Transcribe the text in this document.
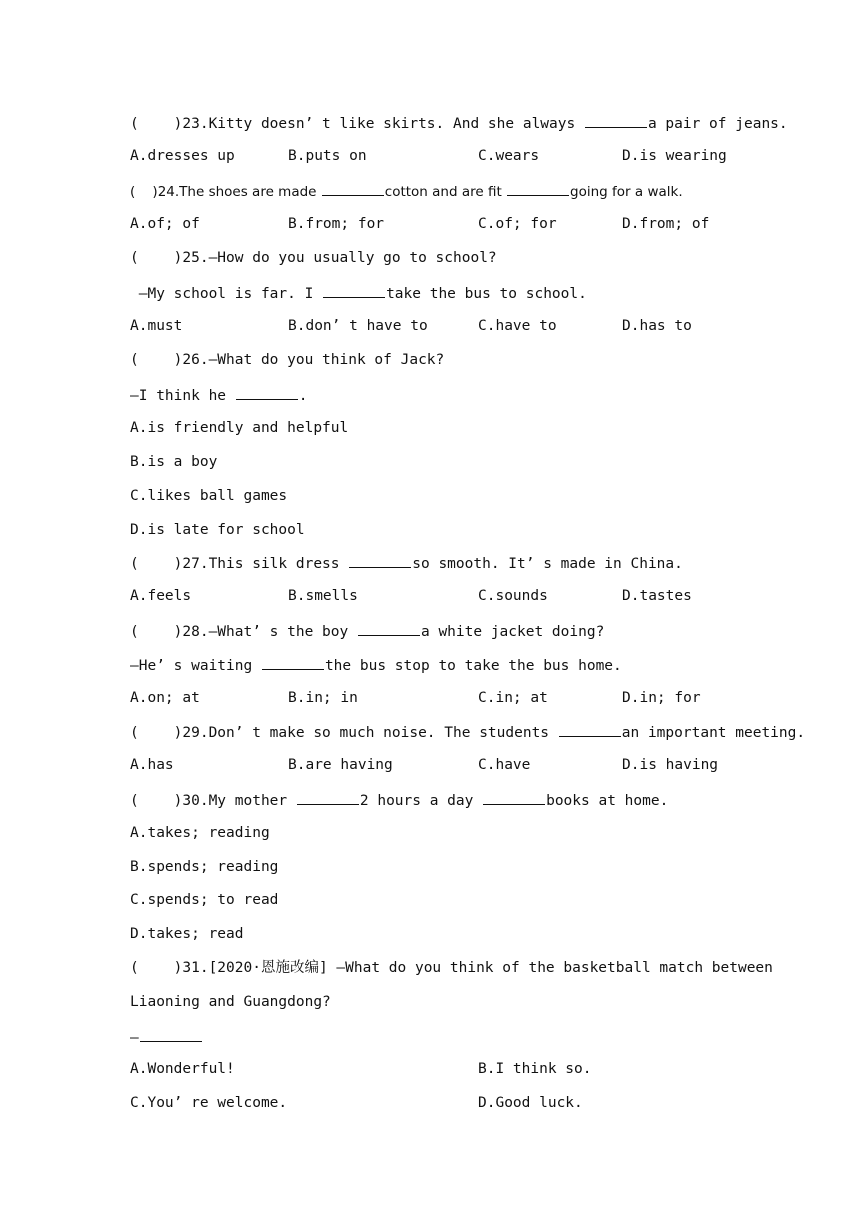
(    )23.Kitty doesn’ t like skirts. And she always	a pair of jeans.
A.dresses up	B.puts on	C.wears	D.is wearing
(    )24.The shoes are made	cotton and are fit	going for a walk.
A.of; of	B.from; for	C.of; for	D.from; of
(    )25.—How do you usually go to school?
—My school is far. I	take the bus to school.
A.must	B.don’ t have to	C.have to	D.has to
(    )26.—What do you think of Jack?
—I think he	.
A.is friendly and helpful
B.is a boy
C.likes ball games
D.is late for school
(    )27.This silk dress	so smooth. It’ s made in China.
A.feels	B.smells	C.sounds	D.tastes
(    )28.—What’ s the boy	a white jacket doing?
—He’ s waiting	the bus stop to take the bus home.
A.on; at	B.in; in	C.in; at	D.in; for
(    )29.Don’ t make so much noise. The students	an important meeting.
A.has	B.are having	C.have	D.is having
(    )30.My mother	2 hours a day	books at home.
A.takes; reading
B.spends; reading
C.spends; to read
D.takes; read
(    )31.[2020·恩施改编] —What do you think of the basketball match between
Liaoning and Guangdong?
—
A.Wonderful!	B.I think so.
C.You’ re welcome.	D.Good luck.
